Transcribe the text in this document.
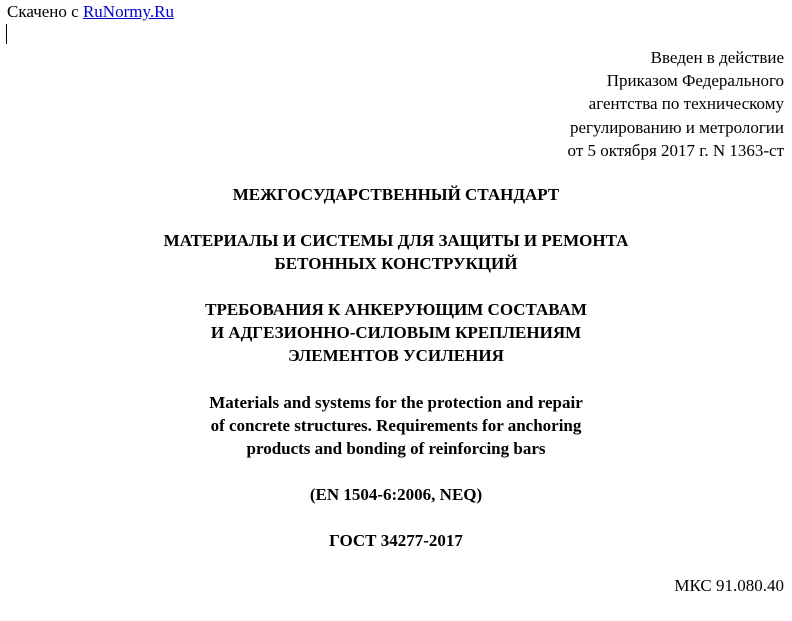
Скачено с RuNormy.Ru
Введен в действие
Приказом Федерального
агентства по техническому
регулированию и метрологии
от 5 октября 2017 г. N 1363-ст
МЕЖГОСУДАРСТВЕННЫЙ СТАНДАРТ
МАТЕРИАЛЫ И СИСТЕМЫ ДЛЯ ЗАЩИТЫ И РЕМОНТА
БЕТОННЫХ КОНСТРУКЦИЙ
ТРЕБОВАНИЯ К АНКЕРУЮЩИМ СОСТАВАМ
И АДГЕЗИОННО-СИЛОВЫМ КРЕПЛЕНИЯМ
ЭЛЕМЕНТОВ УСИЛЕНИЯ
Materials and systems for the protection and repair
of concrete structures. Requirements for anchoring
products and bonding of reinforcing bars
(EN 1504-6:2006, NEQ)
ГОСТ 34277-2017
МКС 91.080.40
